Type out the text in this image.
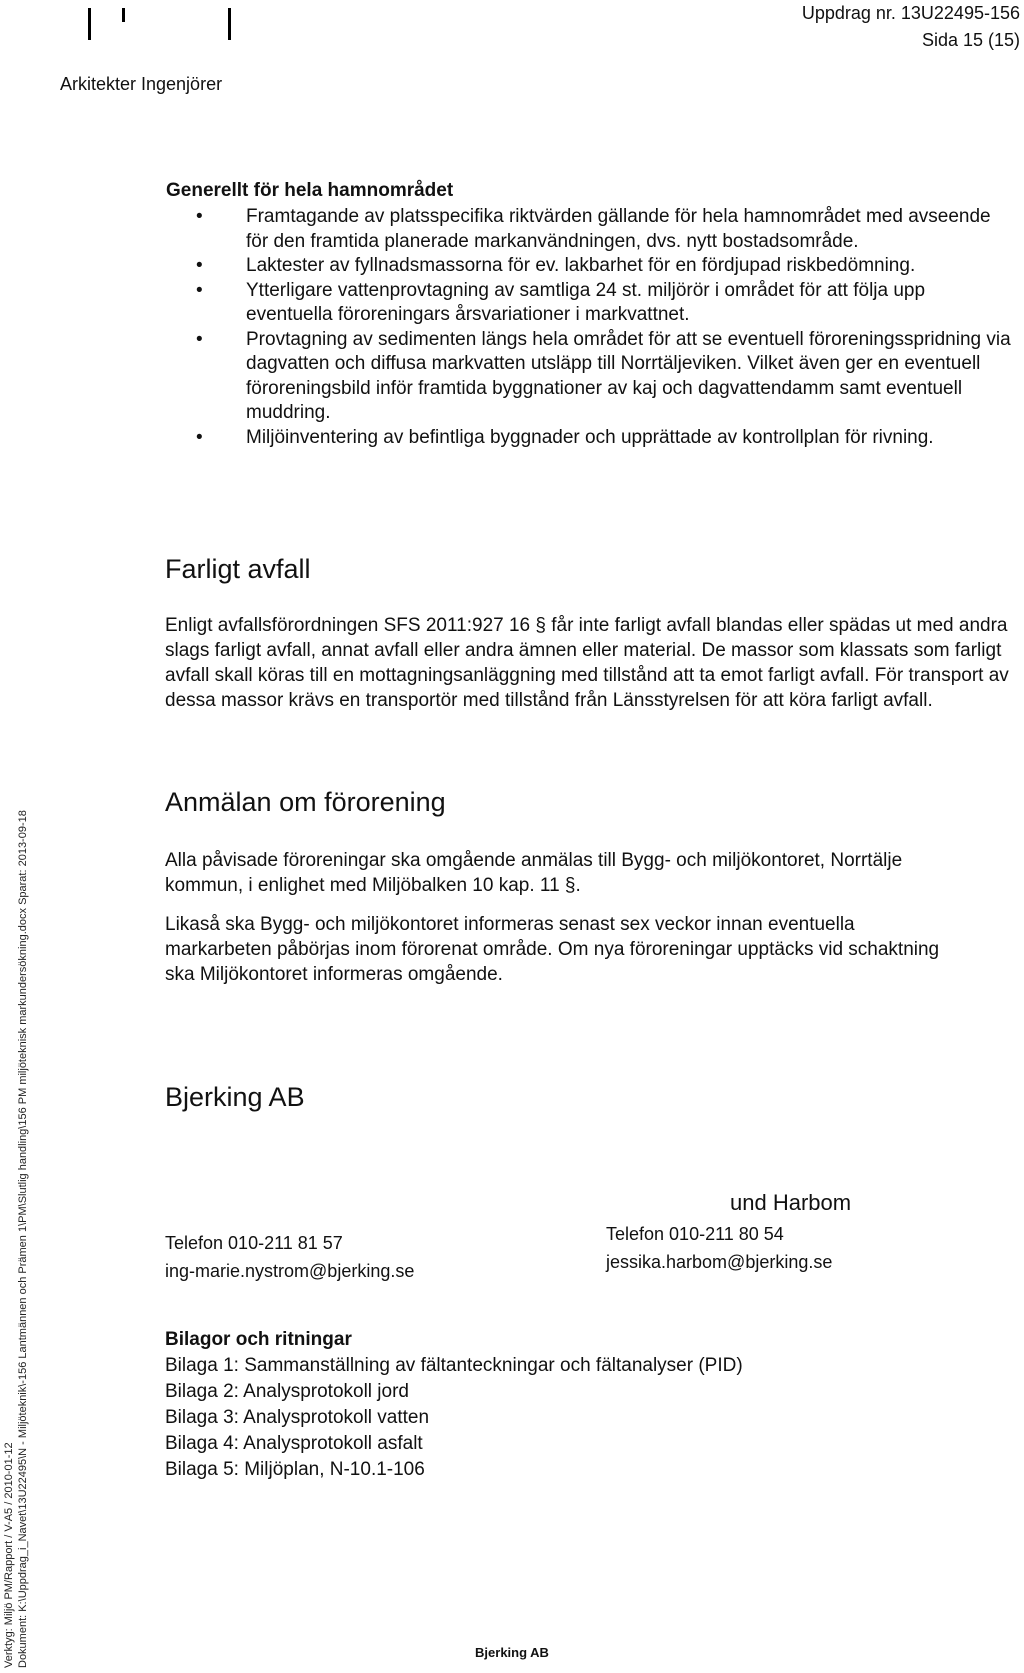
Uppdrag nr. 13U22495-156
Sida 15 (15)
Arkitekter Ingenjörer
Generellt för hela hamnområdet
• Framtagande av platsspecifika riktvärden gällande för hela hamnområdet med avseende för den framtida planerade markanvändningen, dvs. nytt bostadsområde.
• Laktester av fyllnadsmassorna för ev. lakbarhet för en fördjupad riskbedömning.
• Ytterligare vattenprovtagning av samtliga 24 st. miljörör i området för att följa upp eventuella föroreningars årsvariationer i markvattnet.
• Provtagning av sedimenten längs hela området för att se eventuell föroreningsspridning via dagvatten och diffusa markvatten utsläpp till Norrtäljeviken. Vilket även ger en eventuell föroreningsbild inför framtida byggnationer av kaj och dagvattendamm samt eventuell muddring.
• Miljöinventering av befintliga byggnader och upprättade av kontrollplan för rivning.
Farligt avfall

Enligt avfallsförordningen SFS 2011:927 16 § får inte farligt avfall blandas eller spädas ut med andra slags farligt avfall, annat avfall eller andra ämnen eller material. De massor som klassats som farligt avfall skall köras till en mottagningsanläggning med tillstånd att ta emot farligt avfall. För transport av dessa massor krävs en transportör med tillstånd från Länsstyrelsen för att köra farligt avfall.

Anmälan om förorening

Alla påvisade föroreningar ska omgående anmälas till Bygg- och miljökontoret, Norrtälje kommun, i enlighet med Miljöbalken 10 kap. 11 §.

Likaså ska Bygg- och miljökontoret informeras senast sex veckor innan eventuella markarbeten påbörjas inom förorenat område. Om nya föroreningar upptäcks vid schaktning ska Miljökontoret informeras omgående.

Bjerking AB
und Harbom
Telefon 010-211 81 57
ing-marie.nystrom@bjerking.se
Telefon 010-211 80 54
jessika.harbom@bjerking.se
Bilagor och ritningar
Bilaga 1: Sammanställning av fältanteckningar och fältanalyser (PID)
Bilaga 2: Analysprotokoll jord
Bilaga 3: Analysprotokoll vatten
Bilaga 4: Analysprotokoll asfalt
Bilaga 5: Miljöplan, N-10.1-106
Verktyg: Miljö PM/Rapport / V-A5 / 2010-01-12 Dokument: K:\Uppdrag_i_Navet\13U22495\N - Miljöteknik\-156 Lantmännen och Prämen 1\PM\Slutlig handling\156 PM miljöteknisk markundersökning.docx Sparat: 2013-09-18	Bjerking AB
